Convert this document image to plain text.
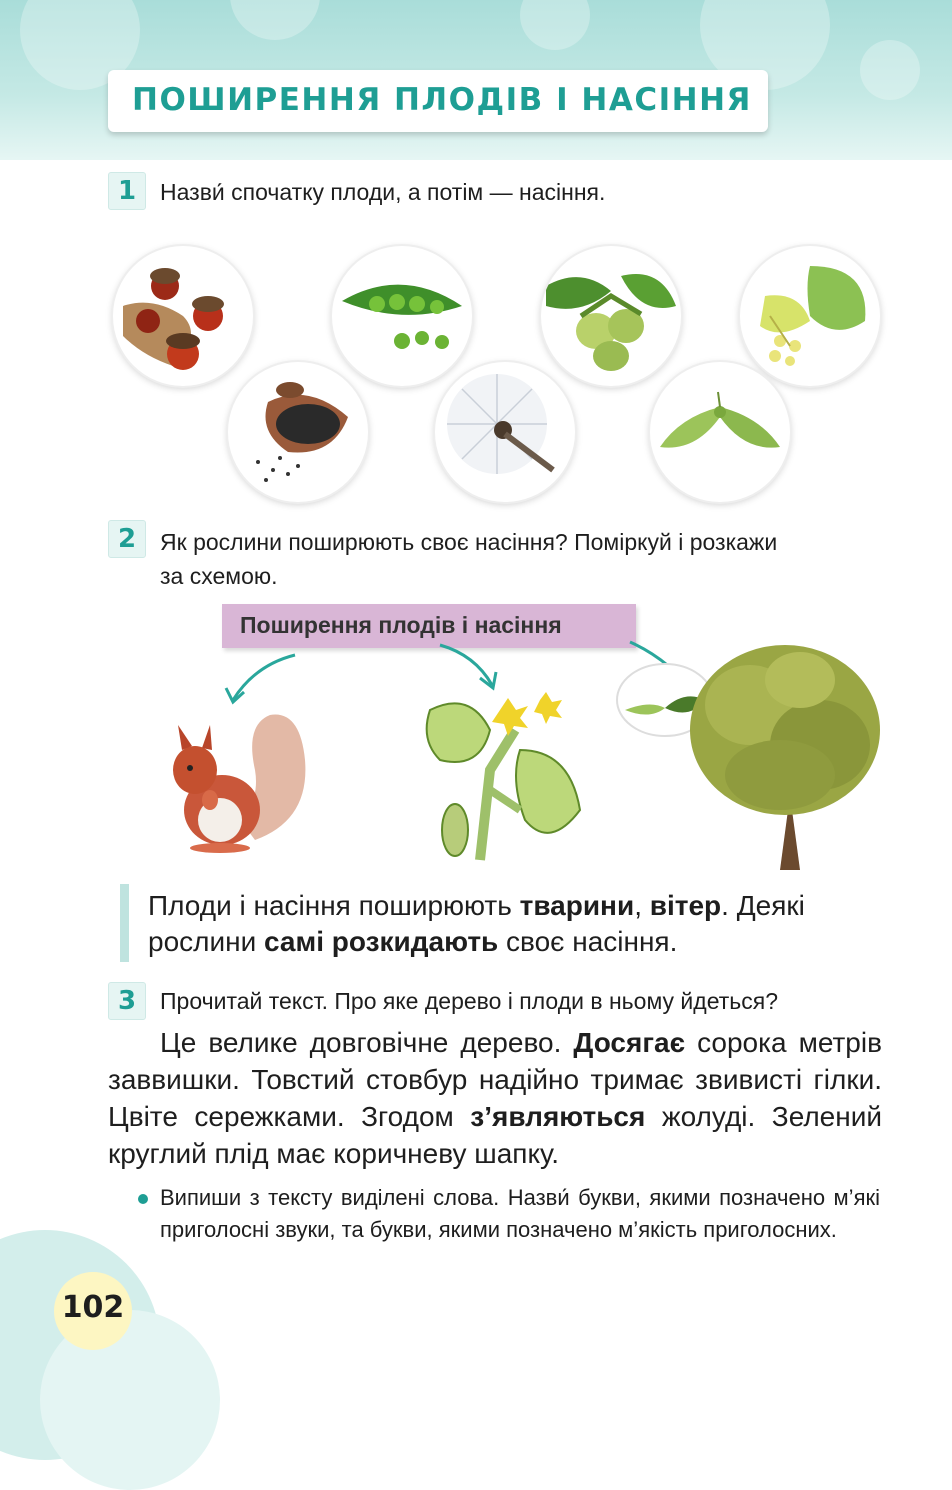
ПОШИРЕННЯ ПЛОДІВ І НАСІННЯ
1	Назви́ спочатку плоди, а потім — насіння.
2	Як рослини поширюють своє насіння? Поміркуй і розкажи
за схемою.
Поширення плодів і насіння
Плоди і насіння поширюють тварини, вітер. Деякі рослини самі розкидають своє насіння.
3	Прочитай текст. Про яке дерево і плоди в ньому йдеться?

Це велике довговічне дерево. Досягає сорока метрів заввишки. Товстий стовбур надійно тримає звивисті гілки. Цвіте сережками. Згодом з’являються жолуді. Зелений круглий плід має коричневу шапку.

Випиши з тексту виділені слова. Назви́ букви, якими позначено м’які приголосні звуки, та букви, якими позначено м’якість приголосних.
102
